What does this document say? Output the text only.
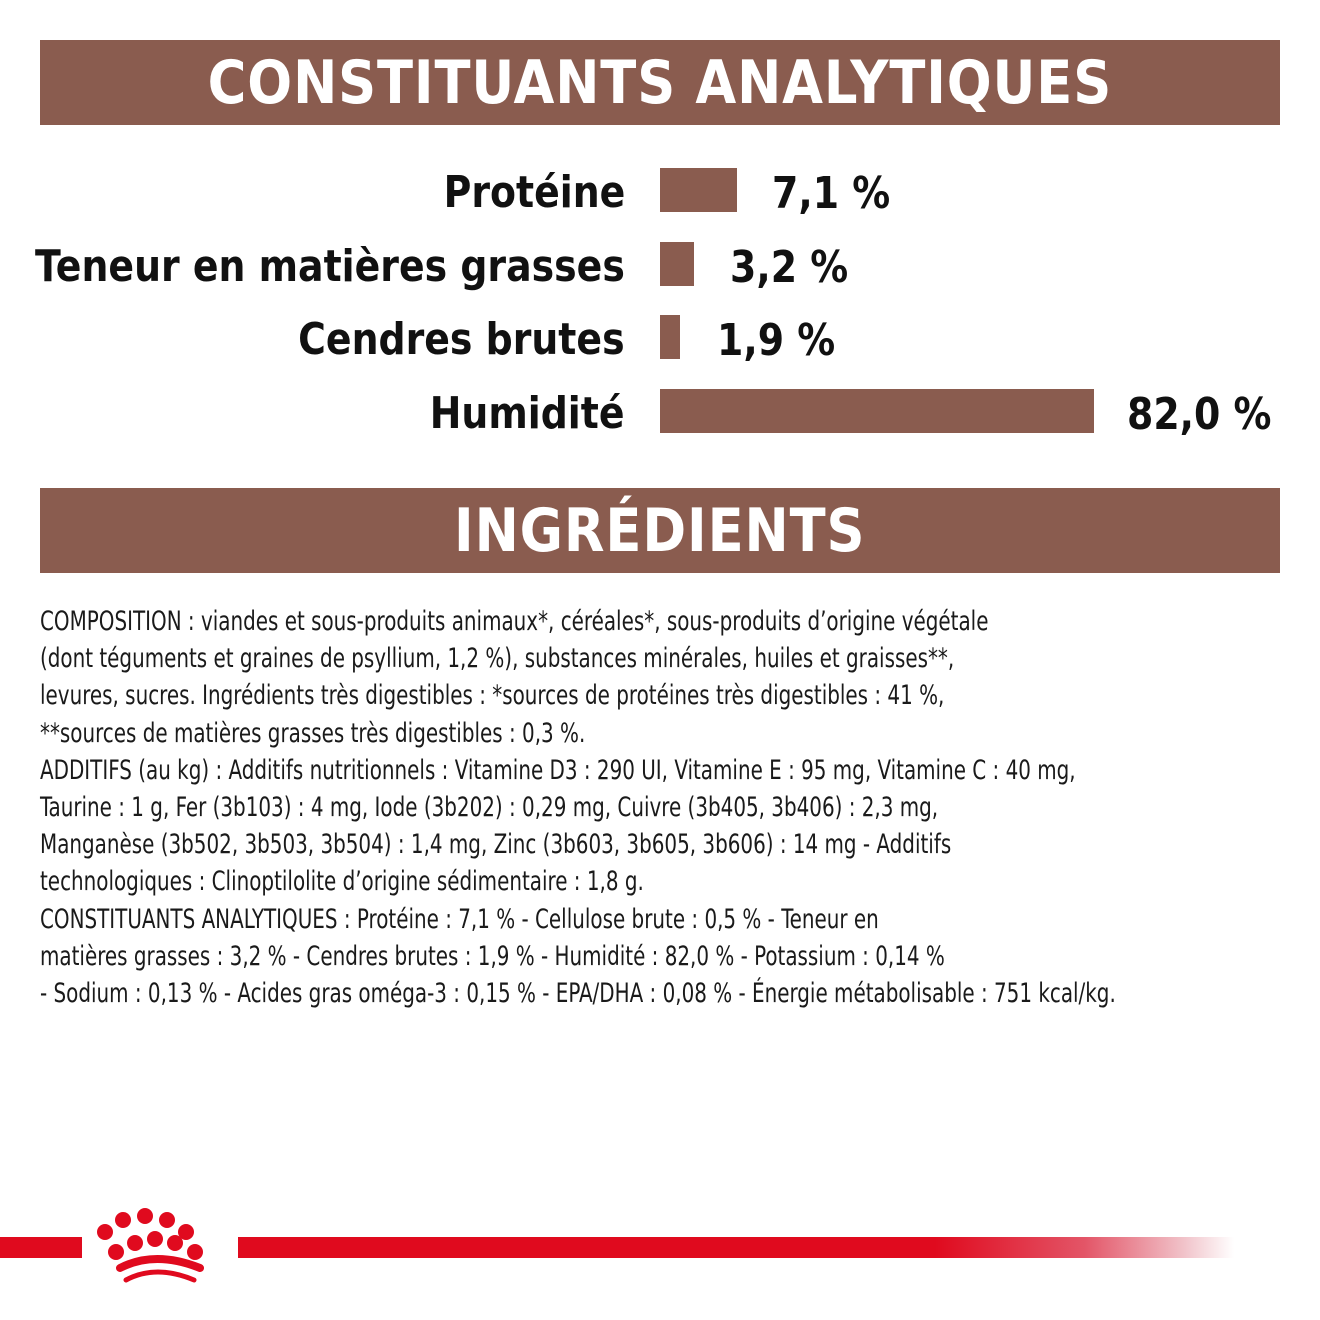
CONSTITUANTS ANALYTIQUES
Protéine	7,1 %
Teneur en matières grasses 3,2 %
Cendres brutes 1,9 %
Humidité	82,0 %
INGRÉDIENTS
COMPOSITION : viandes et sous-produits animaux*, céréales*, sous-produits d’origine végétale
(dont téguments et graines de psyllium, 1,2 %), substances minérales, huiles et graisses**,
levures, sucres. Ingrédients très digestibles : *sources de protéines très digestibles : 41 %,
**sources de matières grasses très digestibles : 0,3 %.
ADDITIFS (au kg) : Additifs nutritionnels : Vitamine D3 : 290 UI, Vitamine E : 95 mg, Vitamine C : 40 mg,
Taurine : 1 g, Fer (3b103) : 4 mg, Iode (3b202) : 0,29 mg, Cuivre (3b405, 3b406) : 2,3 mg,
Manganèse (3b502, 3b503, 3b504) : 1,4 mg, Zinc (3b603, 3b605, 3b606) : 14 mg - Additifs
technologiques : Clinoptilolite d’origine sédimentaire : 1,8 g.
CONSTITUANTS ANALYTIQUES : Protéine : 7,1 % - Cellulose brute : 0,5 % - Teneur en
matières grasses : 3,2 % - Cendres brutes : 1,9 % - Humidité : 82,0 % - Potassium : 0,14 %
- Sodium : 0,13 % - Acides gras oméga-3 : 0,15 % - EPA/DHA : 0,08 % - Énergie métabolisable : 751 kcal/kg.
